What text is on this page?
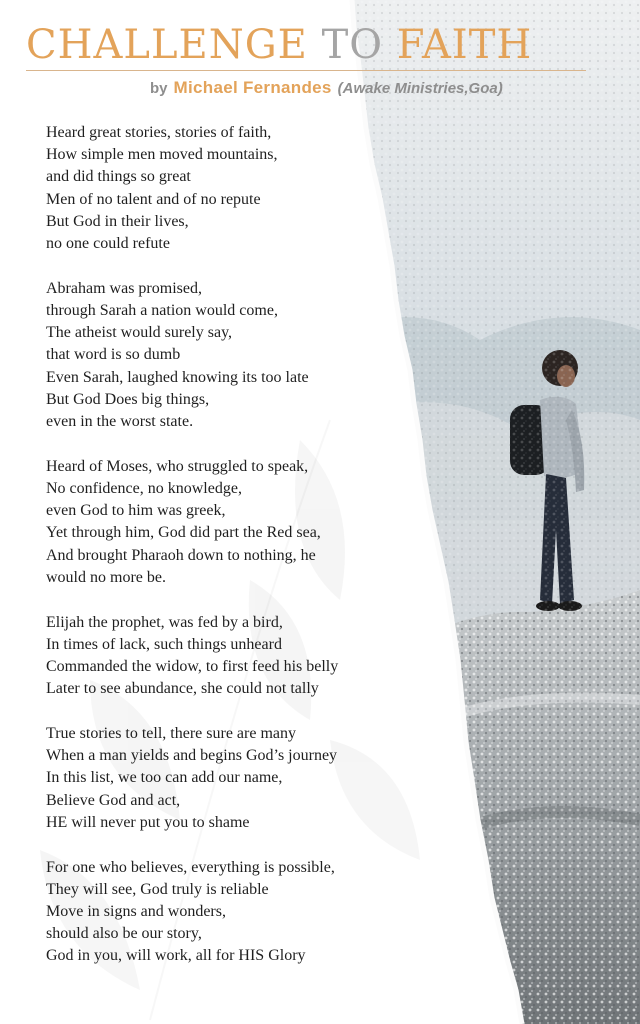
CHALLENGE TO FAITH
by Michael Fernandes (Awake Ministries,Goa)
Heard great stories, stories of faith,
How simple men moved mountains,
and did things so great
Men of no talent and of no repute
But God in their lives,
no one could refute
Abraham was promised,
through Sarah a nation would come,
The atheist would surely say,
that word is so dumb
Even Sarah, laughed knowing its too late
But God Does big things,
even in the worst state.
Heard of Moses, who struggled to speak,
No confidence, no knowledge,
even God to him was greek,
Yet through him, God did part the Red sea,
And brought Pharaoh down to nothing, he
would no more be.
Elijah the prophet, was fed by a bird,
In times of lack, such things unheard
Commanded the widow, to first feed his belly
Later to see abundance, she could not tally
True stories to tell, there sure are many
When a man yields and begins God’s journey
In this list, we too can add our name,
Believe God and act,
HE will never put you to shame
For one who believes, everything is possible,
They will see, God truly is reliable
Move in signs and wonders,
should also be our story,
God in you, will work, all for HIS Glory
